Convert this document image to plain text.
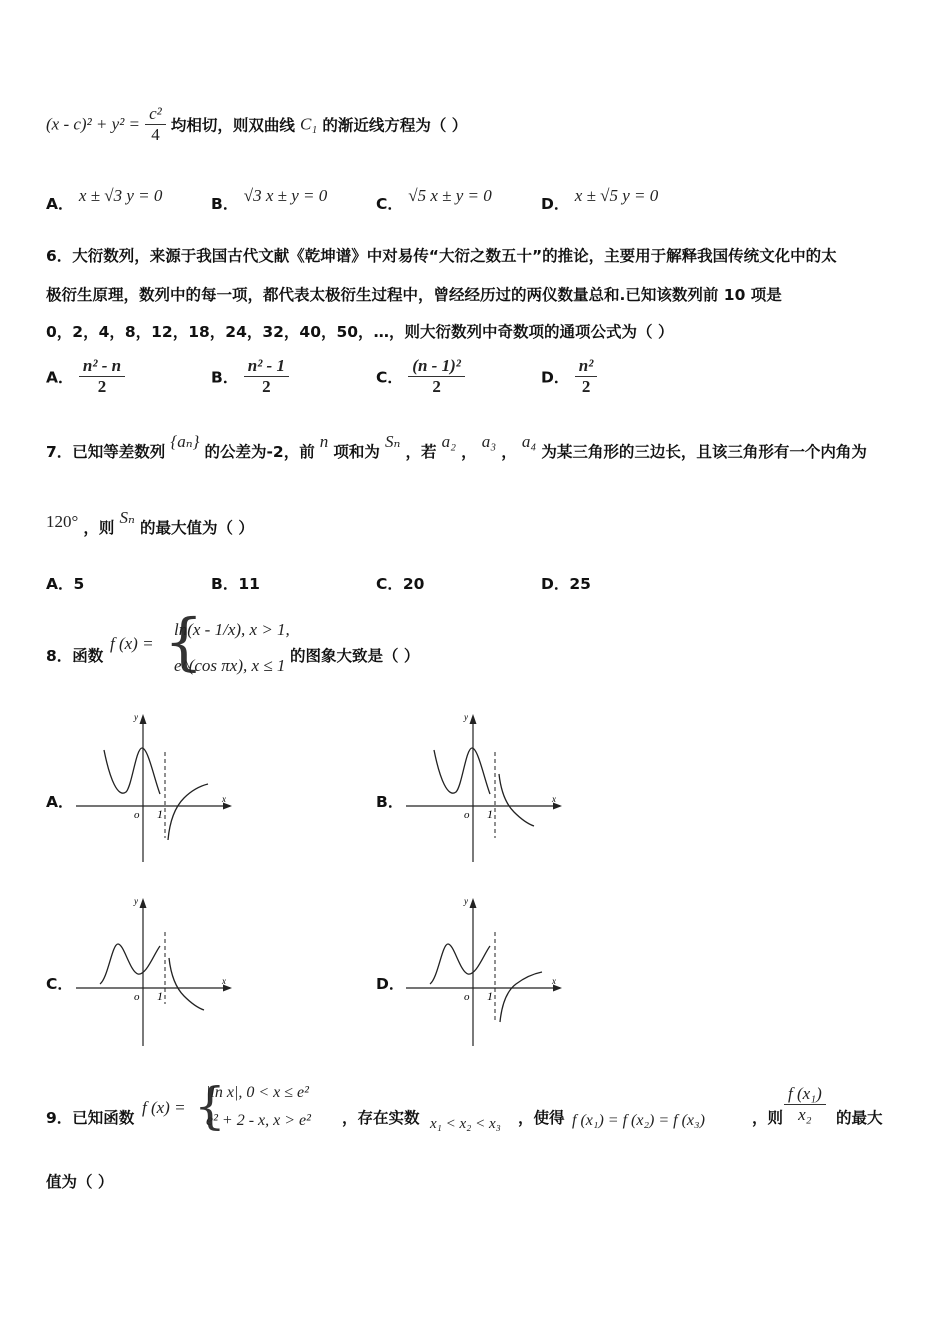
$(x - c)^2 + y^2 = \frac{\text{c²}}{4}$ 均相切，则双曲线 C₁ 的渐近线方程为（ ）
A． x ± √3 y = 0	B． √3 x ± y = 0	C． √5 x ± y = 0	D． x ± √5 y = 0
6．大衍数列，来源于我国古代文献《乾坤谱》中对易传“大衍之数五十”的推论，主要用于解释我国传统文化中的太
极衍生原理，数列中的每一项，都代表太极衍生过程中，曾经经历过的两仪数量总和.已知该数列前 10 项是
0，2，4，8，12，18，24，32，40，50，…，则大衍数列中奇数项的通项公式为（ ）
A． $\frac{\text{n² - n}}{2}$	B． $\frac{\text{n² - 1}}{2}$	C． $\frac{\text{(n - 1)²}}{2}$	D． $\frac{\text{n²}}{2}$
7．已知等差数列 {aₙ} 的公差为-2，前 n 项和为 Sₙ ，若 a₂ ， a₃ ， a₄ 为某三角形的三边长，且该三角形有一个内角为
120° ，则 Sₙ 的最大值为（ ）
A．5	B．11	C．20	D．25
8．函数
f (x) = {
ln(x - 1/x), x > 1,
e^(cos πx), x ≤ 1 的图象大致是（ ）
A．
y
x
o 1
B．
y
x
o 1
C．
y
x
o 1
D．
y
x
o 1
9．已知函数
f (x) = {
|ln x|, 0 < x ≤ e²
e² + 2 - x, x > e² ，存在实数 x₁ < x₂ < x₃ ，使得 f (x₁) = f (x₂) = f (x₃)	，则 $\frac{\text{f (x₁)}}{\text{x₂}}$ 的最大
值为（ ）
